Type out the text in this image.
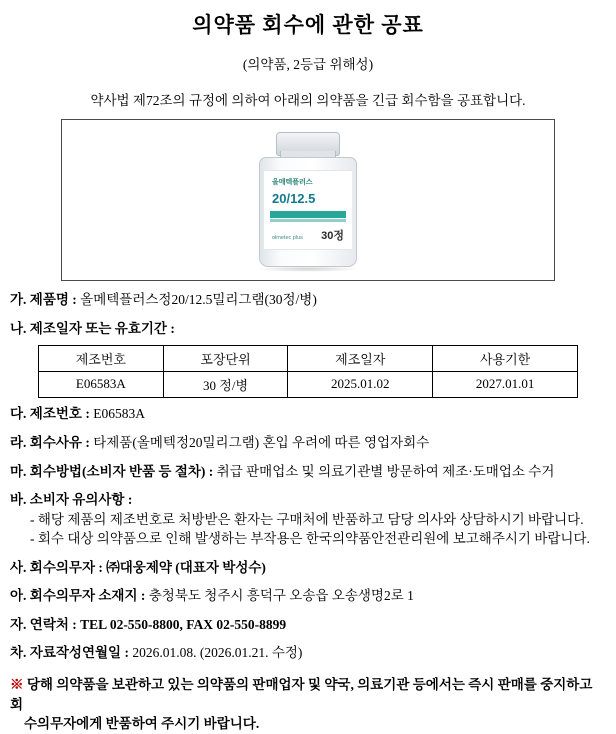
의약품 회수에 관한 공표
(의약품, 2등급 위해성)
약사법 제72조의 규정에 의하여 아래의 의약품을 긴급 회수함을 공표합니다.
올메텍플러스
20/12.5
olmetec plus 30정
가. 제품명 : 올메텍플러스정20/12.5밀리그램(30정/병)
나. 제조일자 또는 유효기간 :
제조번호	포장단위	제조일자	사용기한
E06583A	30 정/병	2025.01.02	2027.01.01
다. 제조번호 : E06583A
라. 회수사유 : 타제품(올메텍정20밀리그램) 혼입 우려에 따른 영업자회수
마. 회수방법(소비자 반품 등 절차) : 취급 판매업소 및 의료기관별 방문하여 제조·도매업소 수거
바. 소비자 유의사항 :
- 해당 제품의 제조번호로 처방받은 환자는 구매처에 반품하고 담당 의사와 상담하시기 바랍니다.
- 회수 대상 의약품으로 인해 발생하는 부작용은 한국의약품안전관리원에 보고해주시기 바랍니다.
사. 회수의무자 : ㈜대웅제약 (대표자 박성수)
아. 회수의무자 소재지 : 충청북도 청주시 흥덕구 오송읍 오송생명2로 1
자. 연락처 : TEL 02-550-8800, FAX 02-550-8899
차. 자료작성연월일 : 2026.01.08. (2026.01.21. 수정)
※ 당해 의약품을 보관하고 있는 의약품의 판매업자 및 약국, 의료기관 등에서는 즉시 판매를 중지하고 회
수의무자에게 반품하여 주시기 바랍니다.
